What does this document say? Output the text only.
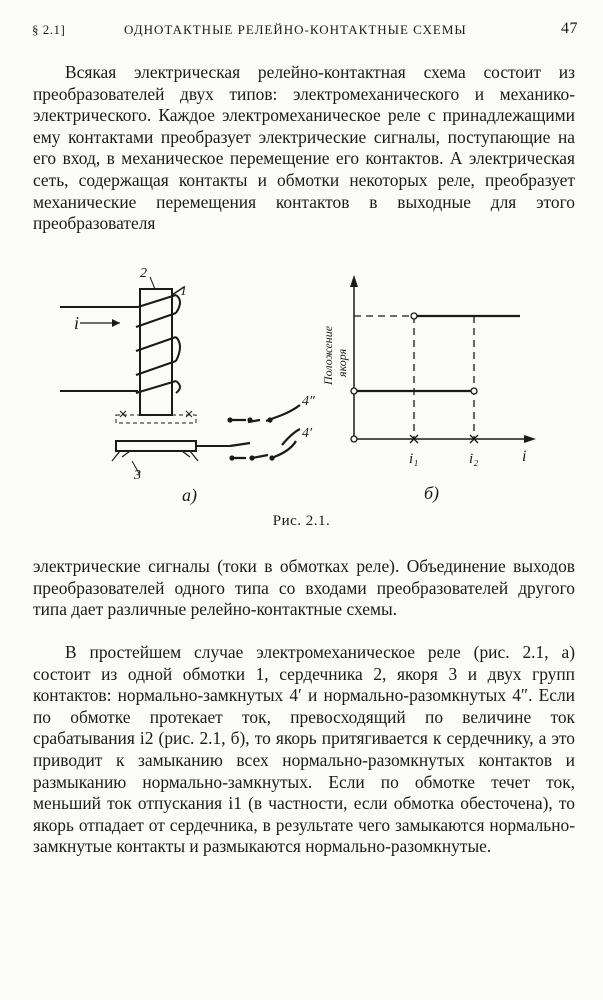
§ 2.1]	ОДНОТАКТНЫЕ РЕЛЕЙНО-КОНТАКТНЫЕ СХЕМЫ	47

Всякая электрическая релейно-контактная схема состоит из преобразователей двух типов: электромеханического и механико-электрического. Каждое электромеханическое реле с принадлежащими ему контактами преобразует электрические сигналы, поступающие на его вход, в механическое перемещение его контактов. А электрическая сеть, содержащая контакты и обмотки некоторых реле, преобразует механические перемещения контактов в выходные для этого преобразователя

2
1
i
3
4″
4′
а)
Положение якоря
i₁	i₂	i
б)
Рис. 2.1.

электрические сигналы (токи в обмотках реле). Объединение выходов преобразователей одного типа со входами преобразователей другого типа дает различные релейно-контактные схемы.

В простейшем случае электромеханическое реле (рис. 2.1, а) состоит из одной обмотки 1, сердечника 2, якоря 3 и двух групп контактов: нормально-замкнутых 4′ и нормально-разомкнутых 4″. Если по обмотке протекает ток, превосходящий по величине ток срабатывания i2 (рис. 2.1, б), то якорь притягивается к сердечнику, а это приводит к замыканию всех нормально-разомкнутых контактов и размыканию нормально-замкнутых. Если по обмотке течет ток, меньший ток отпускания i1 (в частности, если обмотка обесточена), то якорь отпадает от сердечника, в результате чего замыкаются нормально-замкнутые контакты и размыкаются нормально-разомкнутые.
